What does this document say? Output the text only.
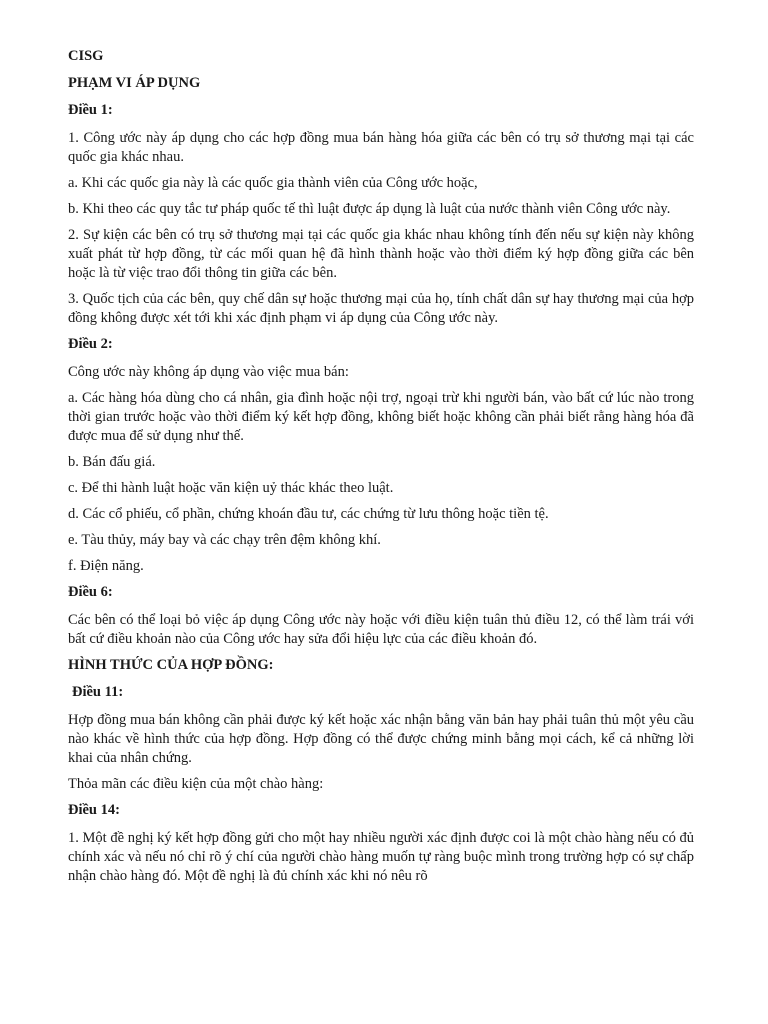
CISG
PHẠM VI ÁP DỤNG
Điều 1:

1. Công ước này áp dụng cho các hợp đồng mua bán hàng hóa giữa các bên có trụ sở thương mại tại các quốc gia khác nhau.

a. Khi các quốc gia này là các quốc gia thành viên của Công ước hoặc,

b. Khi theo các quy tắc tư pháp quốc tế thì luật được áp dụng là luật của nước thành viên Công ước này.

2. Sự kiện các bên có trụ sở thương mại tại các quốc gia khác nhau không tính đến nếu sự kiện này không xuất phát từ hợp đồng, từ các mối quan hệ đã hình thành hoặc vào thời điểm ký hợp đồng giữa các bên hoặc là từ việc trao đổi thông tin giữa các bên.

3. Quốc tịch của các bên, quy chế dân sự hoặc thương mại của họ, tính chất dân sự hay thương mại của hợp đồng không được xét tới khi xác định phạm vi áp dụng của Công ước này.

Điều 2:

Công ước này không áp dụng vào việc mua bán:

a. Các hàng hóa dùng cho cá nhân, gia đình hoặc nội trợ, ngoại trừ khi người bán, vào bất cứ lúc nào trong thời gian trước hoặc vào thời điểm ký kết hợp đồng, không biết hoặc không cần phải biết rằng hàng hóa đã được mua để sử dụng như thế.

b. Bán đấu giá.

c. Để thi hành luật hoặc văn kiện uỷ thác khác theo luật.

d. Các cổ phiếu, cổ phần, chứng khoán đầu tư, các chứng từ lưu thông hoặc tiền tệ.

e. Tàu thủy, máy bay và các chạy trên đệm không khí.

f. Điện năng.

Điều 6:

Các bên có thể loại bỏ việc áp dụng Công ước này hoặc với điều kiện tuân thủ điều 12, có thể làm trái với bất cứ điều khoản nào của Công ước hay sửa đổi hiệu lực của các điều khoản đó.

HÌNH THỨC CỦA HỢP ĐỒNG:
Điều 11:

Hợp đồng mua bán không cần phải được ký kết hoặc xác nhận bằng văn bản hay phải tuân thủ một yêu cầu nào khác về hình thức của hợp đồng. Hợp đồng có thể được chứng minh bằng mọi cách, kể cả những lời khai của nhân chứng.

Thỏa mãn các điều kiện của một chào hàng:

Điều 14:

1. Một đề nghị ký kết hợp đồng gửi cho một hay nhiều người xác định được coi là một chào hàng nếu có đủ chính xác và nếu nó chỉ rõ ý chí của người chào hàng muốn tự ràng buộc mình trong trường hợp có sự chấp nhận chào hàng đó. Một đề nghị là đủ chính xác khi nó nêu rõ
